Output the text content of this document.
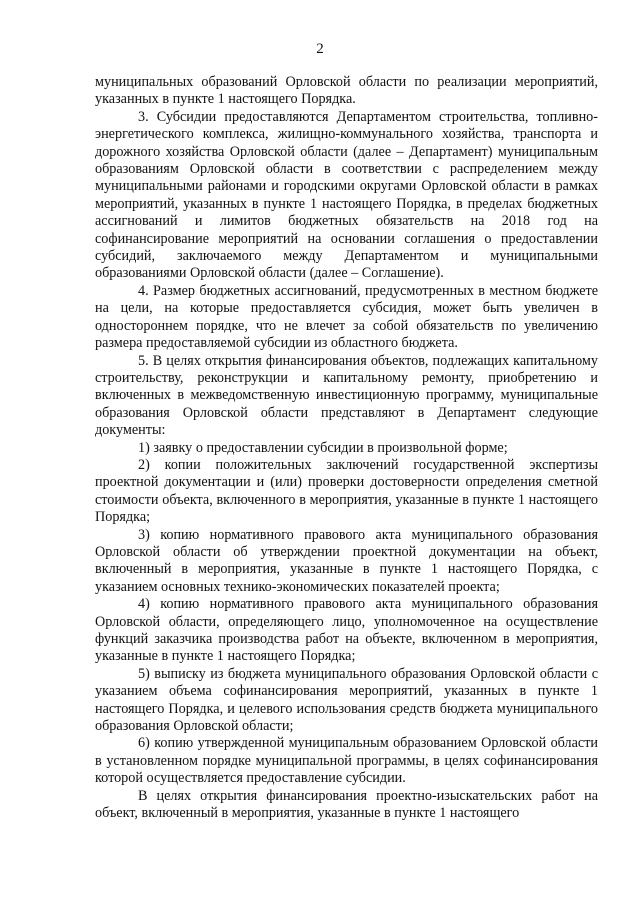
2

муниципальных образований Орловской области по реализации мероприятий, указанных в пункте 1 настоящего Порядка.

3. Субсидии предоставляются Департаментом строительства, топливно-энергетического комплекса, жилищно-коммунального хозяйства, транспорта и дорожного хозяйства Орловской области (далее – Департамент) муниципальным образованиям Орловской области в соответствии с распределением между муниципальными районами и городскими округами Орловской области в рамках мероприятий, указанных в пункте 1 настоящего Порядка, в пределах бюджетных ассигнований и лимитов бюджетных обязательств на 2018 год на софинансирование мероприятий на основании соглашения о предоставлении субсидий, заключаемого между Департаментом и муниципальными образованиями Орловской области (далее – Соглашение).

4. Размер бюджетных ассигнований, предусмотренных в местном бюджете на цели, на которые предоставляется субсидия, может быть увеличен в одностороннем порядке, что не влечет за собой обязательств по увеличению размера предоставляемой субсидии из областного бюджета.

5. В целях открытия финансирования объектов, подлежащих капитальному строительству, реконструкции и капитальному ремонту, приобретению и включенных в межведомственную инвестиционную программу, муниципальные образования Орловской области представляют в Департамент следующие документы:

1) заявку о предоставлении субсидии в произвольной форме;

2) копии положительных заключений государственной экспертизы проектной документации и (или) проверки достоверности определения сметной стоимости объекта, включенного в мероприятия, указанные в пункте 1 настоящего Порядка;

3) копию нормативного правового акта муниципального образования Орловской области об утверждении проектной документации на объект, включенный в мероприятия, указанные в пункте 1 настоящего Порядка, с указанием основных технико-экономических показателей проекта;

4) копию нормативного правового акта муниципального образования Орловской области, определяющего лицо, уполномоченное на осуществление функций заказчика производства работ на объекте, включенном в мероприятия, указанные в пункте 1 настоящего Порядка;

5) выписку из бюджета муниципального образования Орловской области с указанием объема софинансирования мероприятий, указанных в пункте 1 настоящего Порядка, и целевого использования средств бюджета муниципального образования Орловской области;

6) копию утвержденной муниципальным образованием Орловской области в установленном порядке муниципальной программы, в целях софинансирования которой осуществляется предоставление субсидии.

В целях открытия финансирования проектно-изыскательских работ на объект, включенный в мероприятия, указанные в пункте 1 настоящего
